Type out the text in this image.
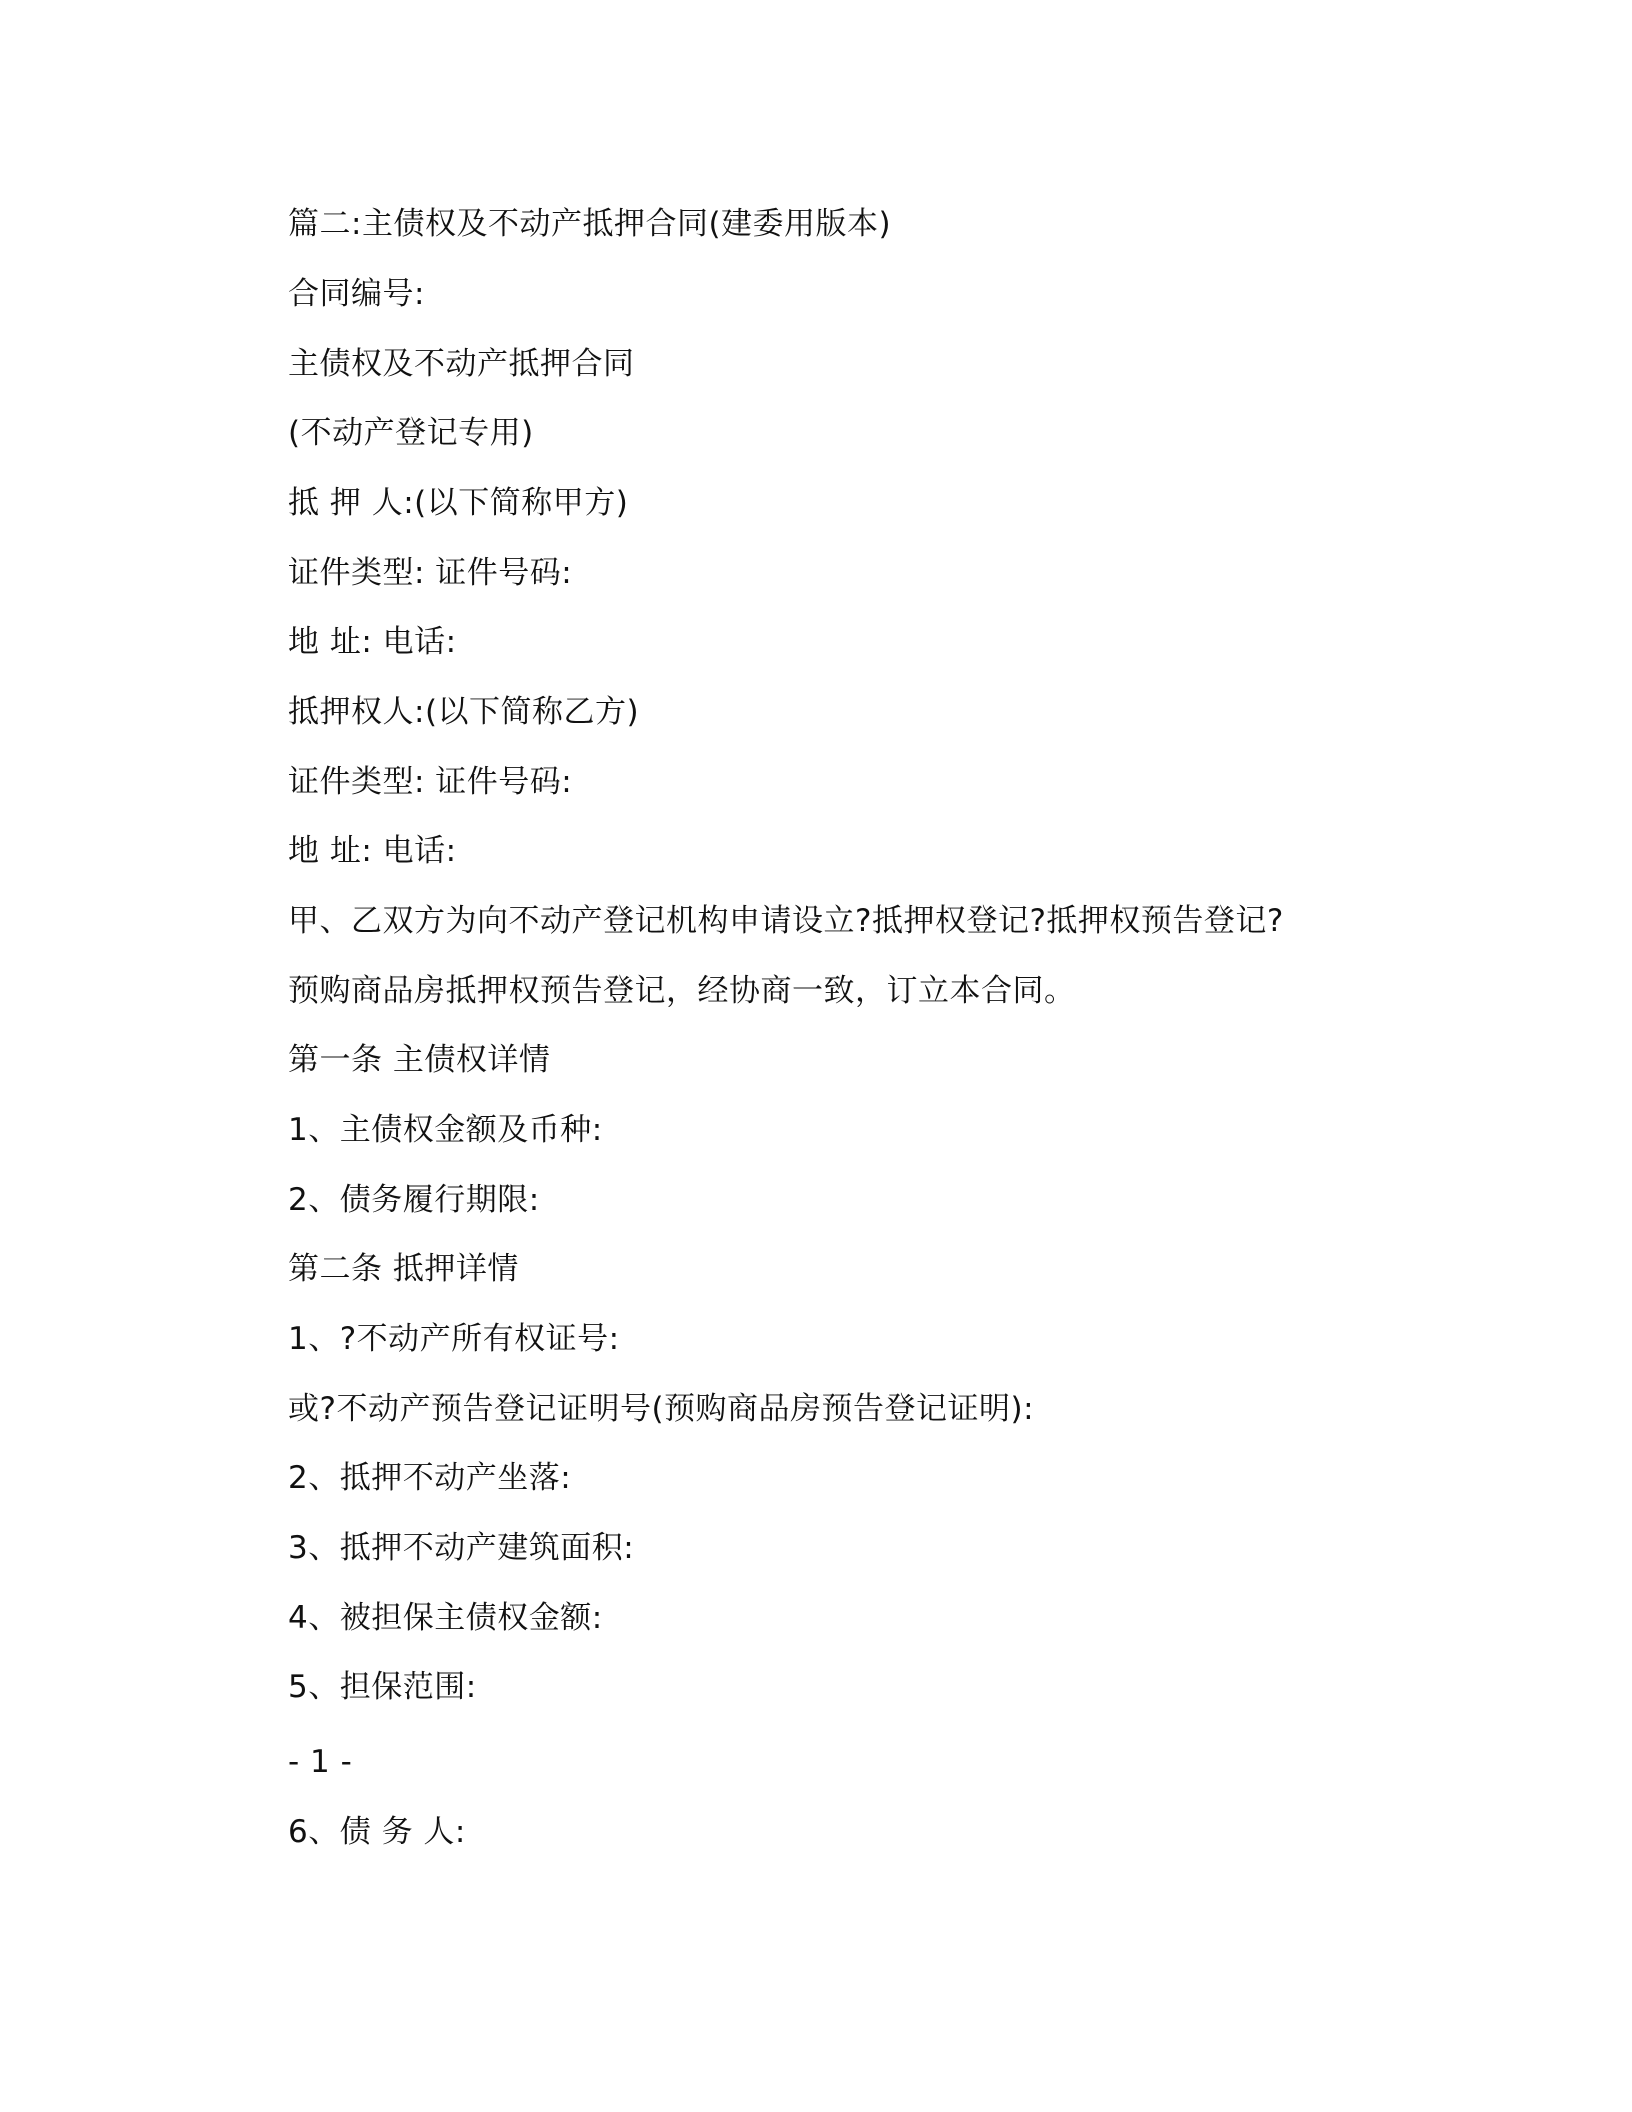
篇二:主债权及不动产抵押合同(建委用版本)
合同编号:
主债权及不动产抵押合同
(不动产登记专用)
抵 押 人:(以下简称甲方)
证件类型: 证件号码:
地 址: 电话:
抵押权人:(以下简称乙方)
证件类型: 证件号码:
地 址: 电话:
甲、乙双方为向不动产登记机构申请设立?抵押权登记?抵押权预告登记?
预购商品房抵押权预告登记，经协商一致，订立本合同。
第一条 主债权详情
1、主债权金额及币种:
2、债务履行期限:
第二条 抵押详情
1、?不动产所有权证号:
或?不动产预告登记证明号(预购商品房预告登记证明):
2、抵押不动产坐落:
3、抵押不动产建筑面积:
4、被担保主债权金额:
5、担保范围:
- 1 -
6、债 务 人:
